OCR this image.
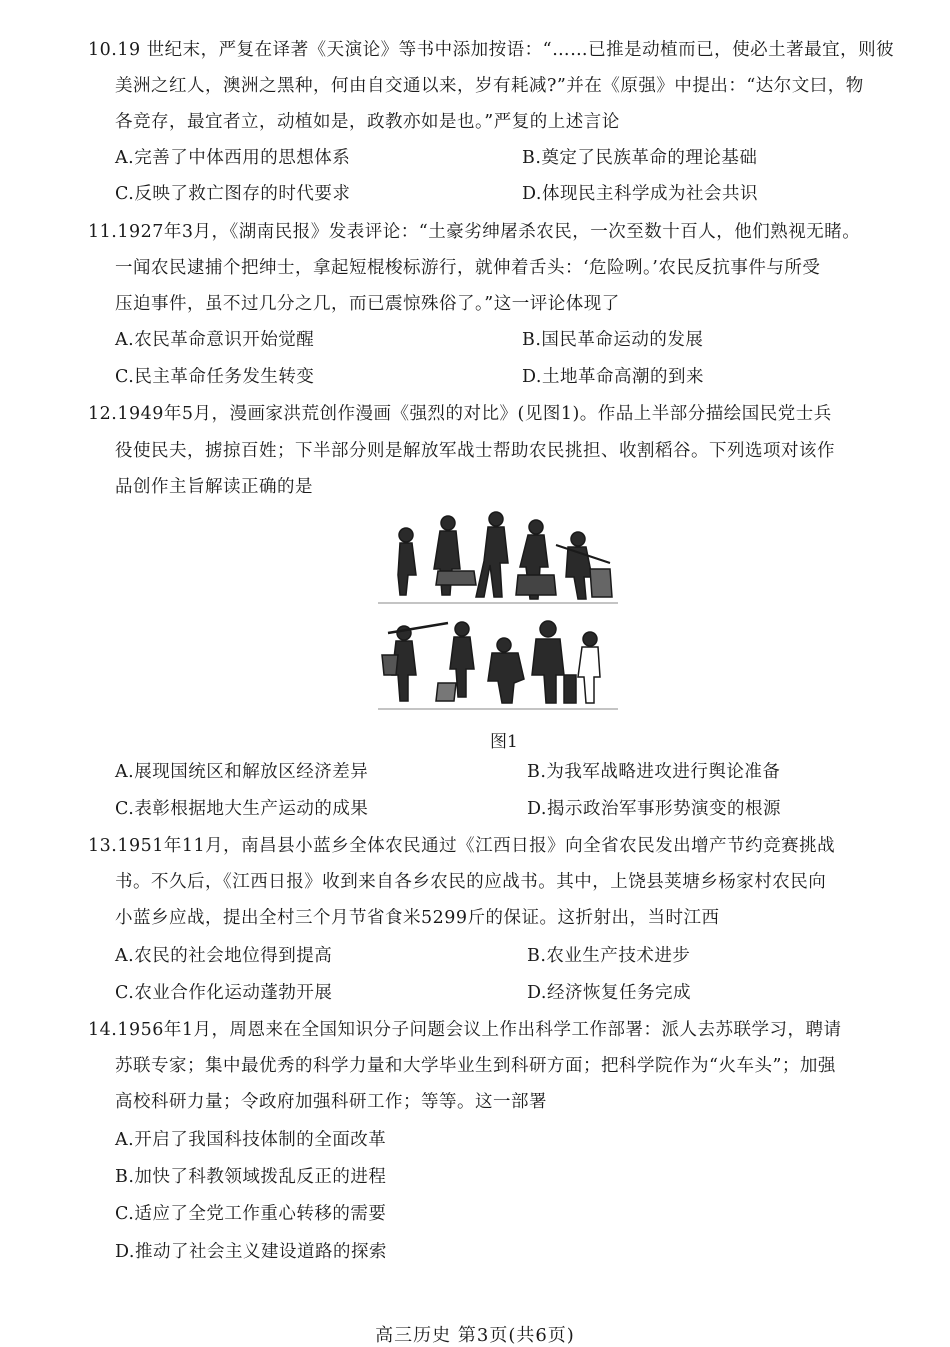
10.19 世纪末，严复在译著《天演论》等书中添加按语：“……已推是动植而已，使必土著最宜，则彼
美洲之红人，澳洲之黑种，何由自交通以来，岁有耗减?”并在《原强》中提出：“达尔文曰，物
各竞存，最宜者立，动植如是，政教亦如是也。”严复的上述言论
A.完善了中体西用的思想体系	B.奠定了民族革命的理论基础
C.反映了救亡图存的时代要求	D.体现民主科学成为社会共识
11.1927年3月，《湖南民报》发表评论：“土豪劣绅屠杀农民，一次至数十百人，他们熟视无睹。
一闻农民逮捕个把绅士，拿起短棍梭标游行，就伸着舌头：‘危险咧。’农民反抗事件与所受
压迫事件，虽不过几分之几，而已震惊殊俗了。”这一评论体现了
A.农民革命意识开始觉醒	B.国民革命运动的发展
C.民主革命任务发生转变	D.土地革命高潮的到来
12.1949年5月，漫画家洪荒创作漫画《强烈的对比》(见图1)。作品上半部分描绘国民党士兵
役使民夫，掳掠百姓；下半部分则是解放军战士帮助农民挑担、收割稻谷。下列选项对该作
品创作主旨解读正确的是
图1
A.展现国统区和解放区经济差异	B.为我军战略进攻进行舆论准备
C.表彰根据地大生产运动的成果	D.揭示政治军事形势演变的根源
13.1951年11月，南昌县小蓝乡全体农民通过《江西日报》向全省农民发出增产节约竞赛挑战
书。不久后，《江西日报》收到来自各乡农民的应战书。其中，上饶县荚塘乡杨家村农民向
小蓝乡应战，提出全村三个月节省食米5299斤的保证。这折射出，当时江西
A.农民的社会地位得到提高	B.农业生产技术进步
C.农业合作化运动蓬勃开展	D.经济恢复任务完成
14.1956年1月，周恩来在全国知识分子问题会议上作出科学工作部署：派人去苏联学习，聘请
苏联专家；集中最优秀的科学力量和大学毕业生到科研方面；把科学院作为“火车头”；加强
高校科研力量；令政府加强科研工作；等等。这一部署
A.开启了我国科技体制的全面改革
B.加快了科教领域拨乱反正的进程
C.适应了全党工作重心转移的需要
D.推动了社会主义建设道路的探索
高三历史 第3页(共6页)
